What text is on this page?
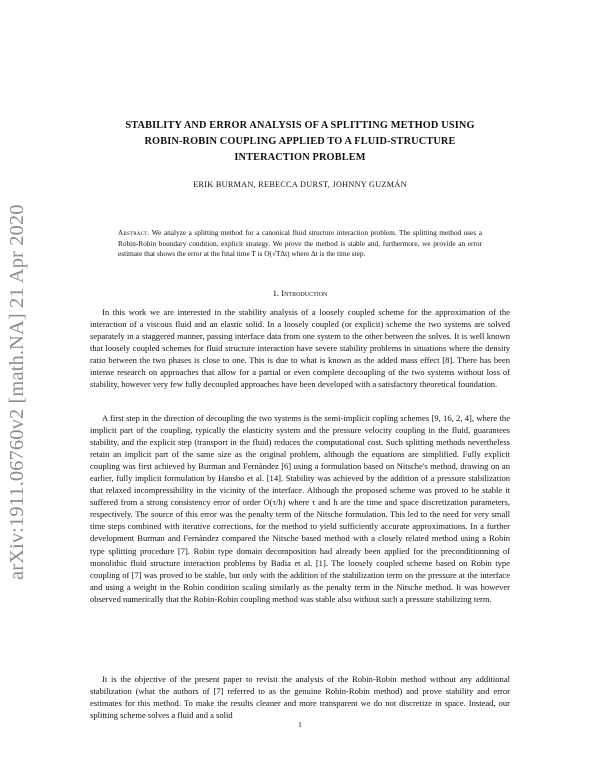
arXiv:1911.06760v2 [math.NA] 21 Apr 2020
STABILITY AND ERROR ANALYSIS OF A SPLITTING METHOD USING
ROBIN-ROBIN COUPLING APPLIED TO A FLUID-STRUCTURE
INTERACTION PROBLEM
ERIK BURMAN, REBECCA DURST, JOHNNY GUZMÁN
Abstract. We analyze a splitting method for a canonical fluid structure interaction problem. The splitting method uses a Robin-Robin boundary condition, explicit strategy. We prove the method is stable and, furthermore, we provide an error estimate that shows the error at the final time T is O(√TΔt) where Δt is the time step.
1. Introduction

In this work we are interested in the stability analysis of a loosely coupled scheme for the approximation of the interaction of a viscous fluid and an elastic solid. In a loosely coupled (or explicit) scheme the two systems are solved separately in a staggered manner, passing interface data from one system to the other between the solves. It is well known that loosely coupled schemes for fluid structure interaction have severe stability problems in situations where the density ratio between the two phases is close to one. This is due to what is known as the added mass effect [8]. There has been intense research on approaches that allow for a partial or even complete decoupling of the two systems without loss of stability, however very few fully decoupled approaches have been developed with a satisfactory theoretical foundation.

A first step in the direction of decoupling the two systems is the semi-implicit copling schemes [9, 16, 2, 4], where the implicit part of the coupling, typically the elasticity system and the pressure velocity coupling in the fluid, guarantees stability, and the explicit step (transport in the fluid) reduces the computational cost. Such splitting methods nevertheless retain an implicit part of the same size as the original problem, although the equations are simplified. Fully explicit coupling was first achieved by Burman and Fernàndez [6] using a formulation based on Nitsche's method, drawing on an earlier, fully implicit formulation by Hansbo et al. [14]. Stability was achieved by the addition of a pressure stabilization that relaxed incompressibility in the vicinity of the interface. Although the proposed scheme was proved to be stable it suffered from a strong consistency error of order O(τ/h) where τ and h are the time and space discretization parameters, respectively. The source of this error was the penalty term of the Nitsche formulation. This led to the need for very small time steps combined with iterative corrections, for the method to yield sufficiently accurate approximations. In a further development Burman and Fernàndez compared the Nitsche based method with a closely related method using a Robin type splitting procedure [7]. Robin type domain decomposition had already been applied for the preconditionning of monolithic fluid structure interaction problems by Badia et al. [1]. The loosely coupled scheme based on Robin type coupling of [7] was proved to be stable, but only with the addition of the stabilization term on the pressure at the interface and using a weight in the Robin condition scaling similarly as the penalty term in the Nitsche method. It was however observed numerically that the Robin-Robin coupling method was stable also without such a pressure stabilizing term.

It is the objective of the present paper to revisit the analysis of the Robin-Robin method without any additional stabilization (what the authors of [7] referred to as the genuine Robin-Robin method) and prove stability and error estimates for this method. To make the results cleaner and more transparent we do not discretize in space. Instead, our splitting scheme solves a fluid and a solid

1
